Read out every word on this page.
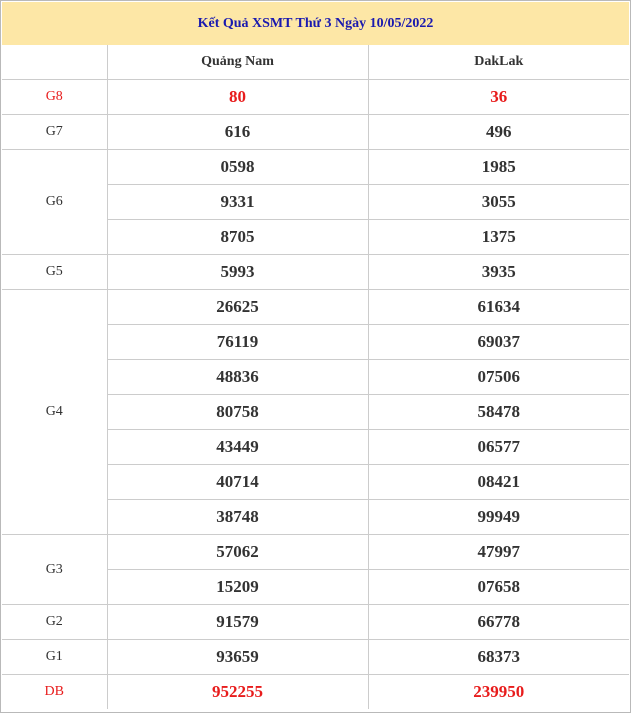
Kết Quả XSMT Thứ 3 Ngày 10/05/2022
	Quảng Nam	DakLak
G8	80	36
G7	616	496
G6	0598	1985
	9331	3055
	8705	1375
G5	5993	3935
G4	26625	61634
	76119	69037
	48836	07506
	80758	58478
	43449	06577
	40714	08421
	38748	99949
G3	57062	47997
	15209	07658
G2	91579	66778
G1	93659	68373
DB	952255	239950
